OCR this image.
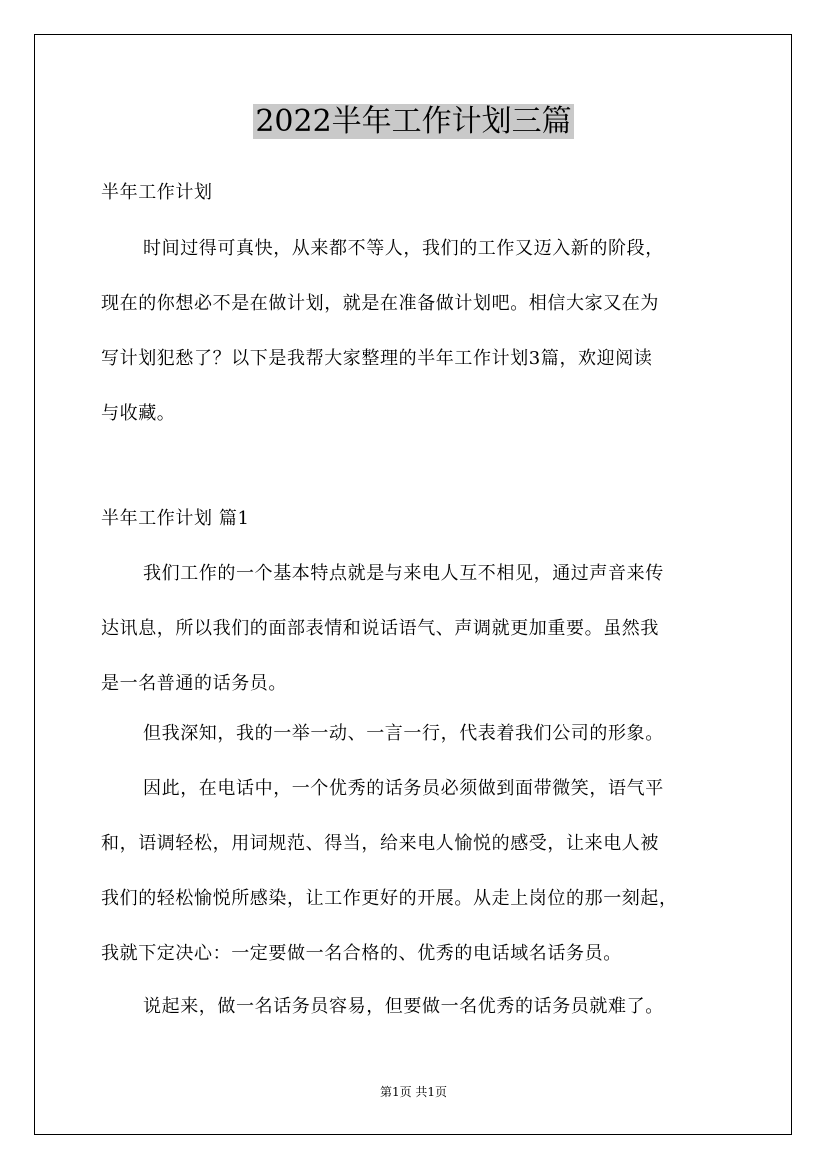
2022半年工作计划三篇
半年工作计划
时间过得可真快，从来都不等人，我们的工作又迈入新的阶段，
现在的你想必不是在做计划，就是在准备做计划吧。相信大家又在为
写计划犯愁了？以下是我帮大家整理的半年工作计划3篇，欢迎阅读
与收藏。
半年工作计划 篇1
我们工作的一个基本特点就是与来电人互不相见，通过声音来传
达讯息，所以我们的面部表情和说话语气、声调就更加重要。虽然我
是一名普通的话务员。
但我深知，我的一举一动、一言一行，代表着我们公司的形象。
因此，在电话中，一个优秀的话务员必须做到面带微笑，语气平
和，语调轻松，用词规范、得当，给来电人愉悦的感受，让来电人被
我们的轻松愉悦所感染，让工作更好的开展。从走上岗位的那一刻起，
我就下定决心：一定要做一名合格的、优秀的电话域名话务员。
说起来，做一名话务员容易，但要做一名优秀的话务员就难了。
第1页 共1页
